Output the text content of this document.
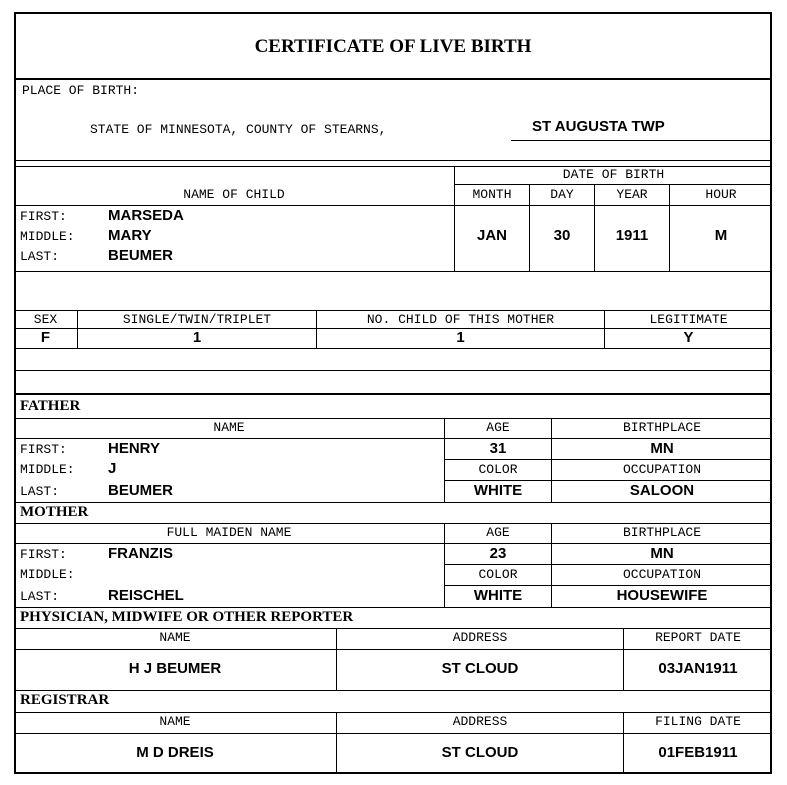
CERTIFICATE OF LIVE BIRTH
PLACE OF BIRTH:
STATE OF MINNESOTA, COUNTY OF STEARNS,	ST AUGUSTA TWP
DATE OF BIRTH
NAME OF CHILD	MONTH	DAY	YEAR	HOUR
FIRST:	MARSEDA
MIDDLE: MARY
LAST:	BEUMER
JAN	30	1911	M
SEX	SINGLE/TWIN/TRIPLET	NO. CHILD OF THIS MOTHER	LEGITIMATE
F	1	1	Y
FATHER
NAME	AGE	BIRTHPLACE
FIRST:	HENRY	31	MN
MIDDLE: J	COLOR	OCCUPATION
LAST:	BEUMER	WHITE	SALOON
MOTHER
FULL MAIDEN NAME	AGE	BIRTHPLACE
FIRST:	FRANZIS	23	MN
MIDDLE:	COLOR	OCCUPATION
LAST:	REISCHEL	WHITE	HOUSEWIFE
PHYSICIAN, MIDWIFE OR OTHER REPORTER
NAME	ADDRESS	REPORT DATE
H J BEUMER	ST CLOUD	03JAN1911
REGISTRAR
NAME	ADDRESS	FILING DATE
M D DREIS	ST CLOUD	01FEB1911
